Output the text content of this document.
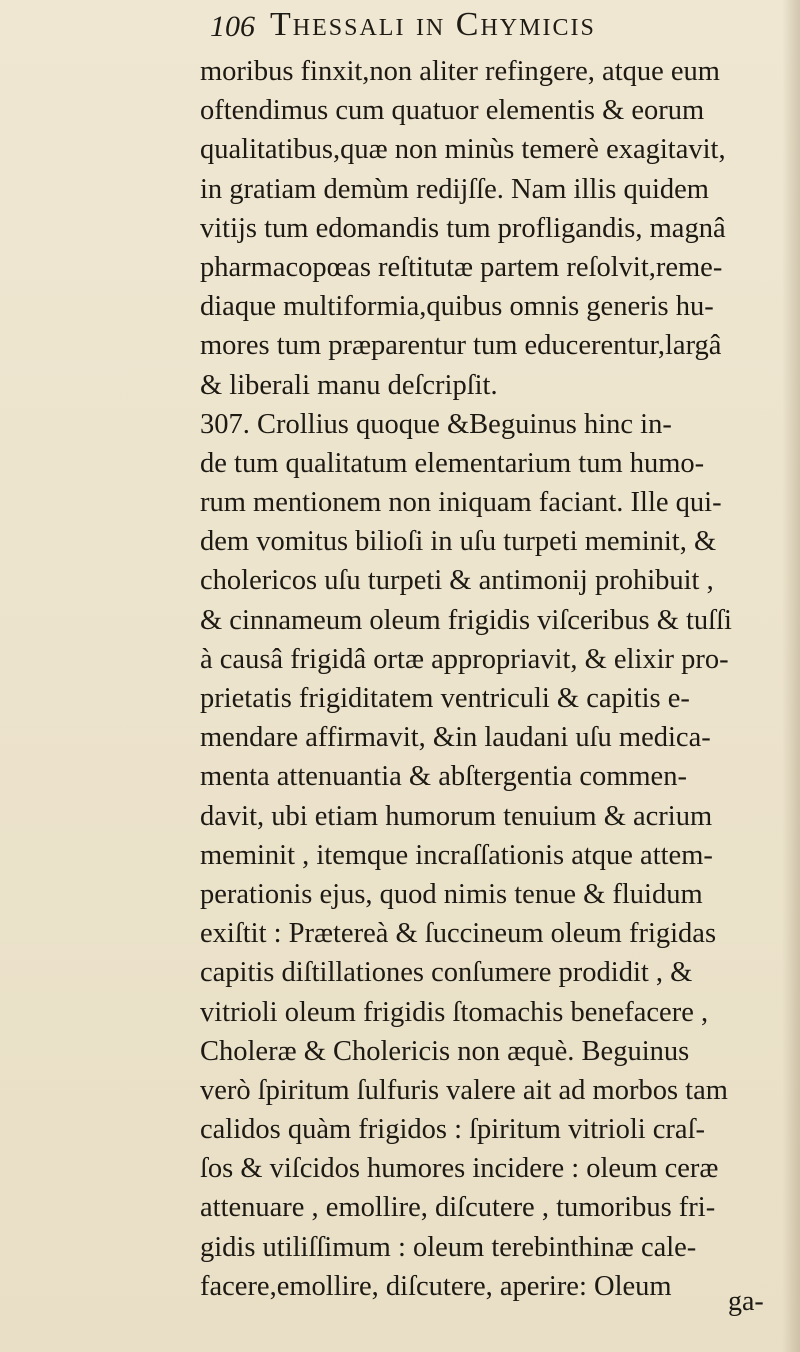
106 Thessali in Chymicis
moribus finxit,non aliter refingere, atque eum
oftendimus cum quatuor elementis & eorum
qualitatibus,quæ non minùs temerè exagitavit,
in gratiam demùm redijſſe. Nam illis quidem
vitijs tum edomandis tum profligandis, magnâ
pharmacopœas reſtitutæ partem reſolvit,reme-
diaque multiformia,quibus omnis generis hu-
mores tum præparentur tum educerentur,largâ
& liberali manu deſcripſit.
307. Crollius quoque &Beguinus hinc in-
de tum qualitatum elementarium tum humo-
rum mentionem non iniquam faciant. Ille qui-
dem vomitus bilioſi in uſu turpeti meminit, &
cholericos uſu turpeti & antimonij prohibuit ,
& cinnameum oleum frigidis viſceribus & tuſſi
à causâ frigidâ ortæ appropriavit, & elixir pro-
prietatis frigiditatem ventriculi & capitis e-
mendare affirmavit, &in laudani uſu medica-
menta attenuantia & abſtergentia commen-
davit, ubi etiam humorum tenuium & acrium
meminit , itemque incraſſationis atque attem-
perationis ejus, quod nimis tenue & fluidum
exiſtit : Prætereà & ſuccineum oleum frigidas
capitis diſtillationes conſumere prodidit , &
vitrioli oleum frigidis ſtomachis benefacere ,
Choleræ & Cholericis non æquè. Beguinus
verò ſpiritum ſulfuris valere ait ad morbos tam
calidos quàm frigidos : ſpiritum vitrioli craſ-
ſos & viſcidos humores incidere : oleum ceræ
attenuare , emollire, diſcutere , tumoribus fri-
gidis utiliſſimum : oleum terebinthinæ cale-
facere,emollire, diſcutere, aperire: Oleum	ga-
